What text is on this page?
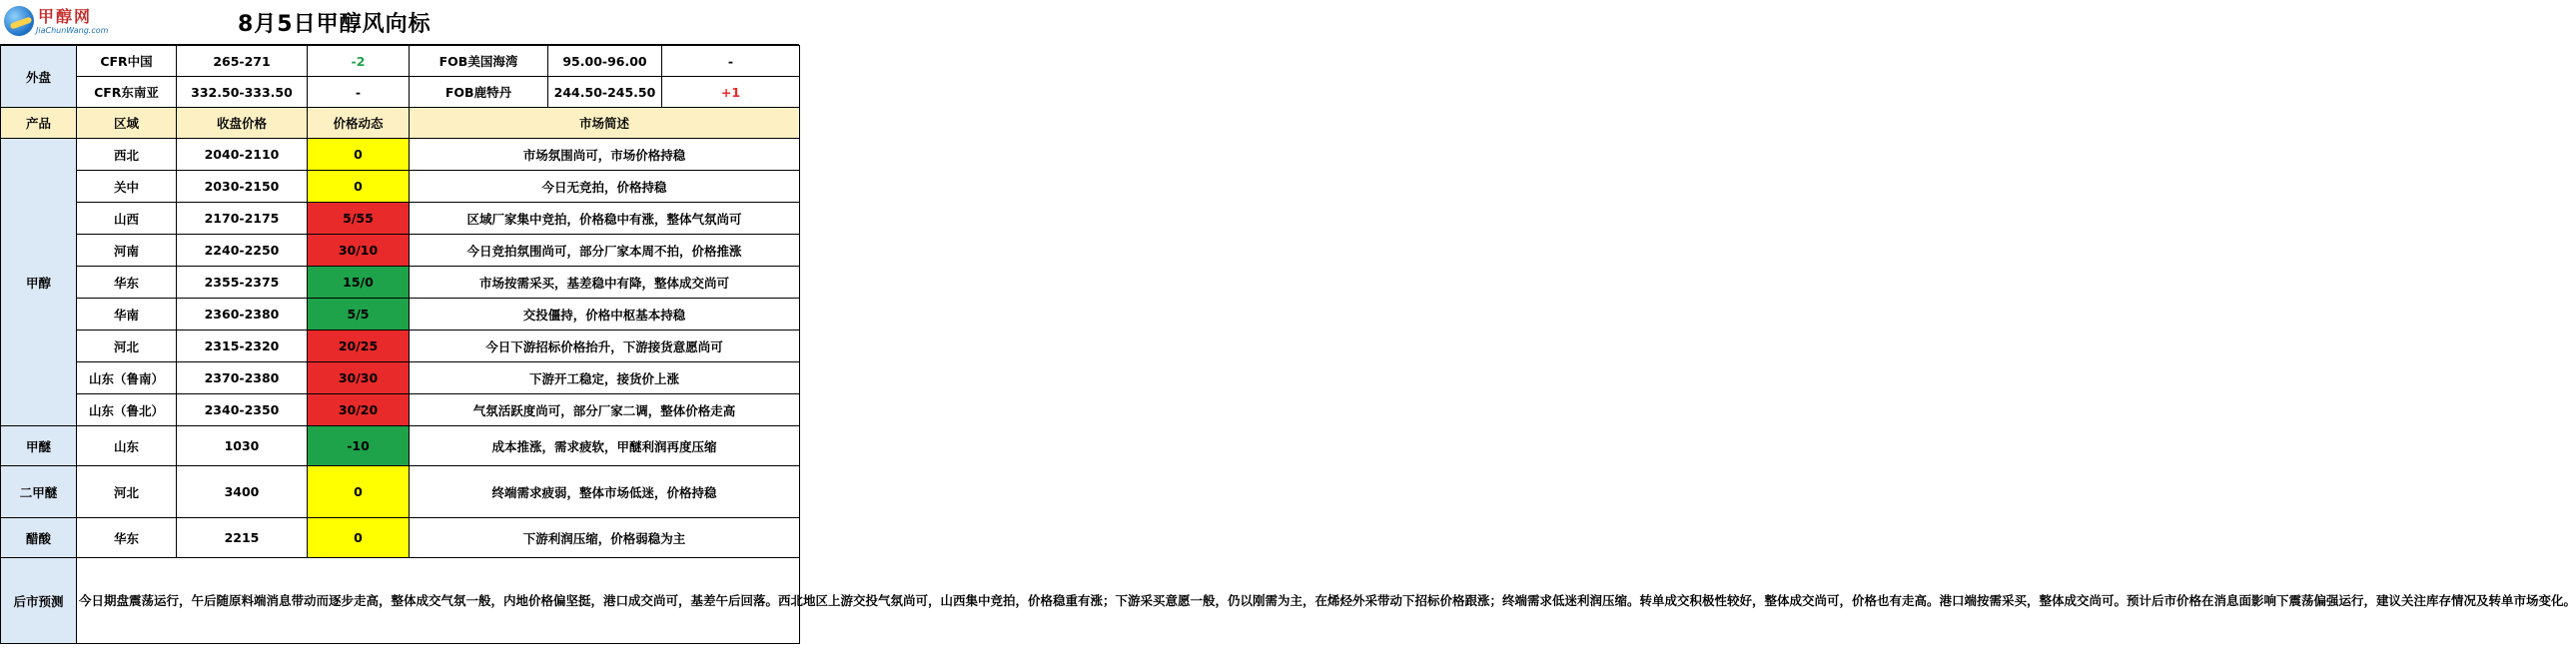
甲醇网
JiaChunWang.com	8月5日甲醇风向标
外盘	CFR中国	265-271	-2	FOB美国海湾	95.00-96.00	-
	CFR东南亚	332.50-333.50	-	FOB鹿特丹	244.50-245.50	+1
产品	区域	收盘价格	价格动态	市场简述		
甲醇	西北	2040-2110	0	市场氛围尚可，市场价格持稳		
	关中	2030-2150	0	今日无竞拍，价格持稳		
	山西	2170-2175	5/55	区域厂家集中竞拍，价格稳中有涨，整体气氛尚可		
	河南	2240-2250	30/10	今日竞拍氛围尚可，部分厂家本周不拍，价格推涨		
	华东	2355-2375	15/0	市场按需采买，基差稳中有降，整体成交尚可		
	华南	2360-2380	5/5	交投僵持，价格中枢基本持稳		
	河北	2315-2320	20/25	今日下游招标价格抬升，下游接货意愿尚可		
	山东（鲁南）	2370-2380	30/30	下游开工稳定，接货价上涨		
	山东（鲁北）	2340-2350	30/20	气氛活跃度尚可，部分厂家二调，整体价格走高		
甲醚	山东	1030	-10	成本推涨，需求疲软，甲醚利润再度压缩		
二甲醚	河北	3400	0	终端需求疲弱，整体市场低迷，价格持稳		
醋酸	华东	2215	0	下游利润压缩，价格弱稳为主		
后市预测	今日期盘震荡运行，午后随原料端消息带动而逐步走高，整体成交气氛一般，内地价格偏坚挺，港口成交尚可，基差午后回落。西北地区上游交投气氛尚可，山西集中竞拍，价格稳重有涨；下游采买意愿一般，仍以刚需为主，在烯烃外采带动下招标价格跟涨；终端需求低迷利润压缩。转单成交积极性较好，整体成交尚可，价格也有走高。港口端按需采买，整体成交尚可。预计后市价格在消息面影响下震荡偏强运行，建议关注库存情况及转单市场变化。					
